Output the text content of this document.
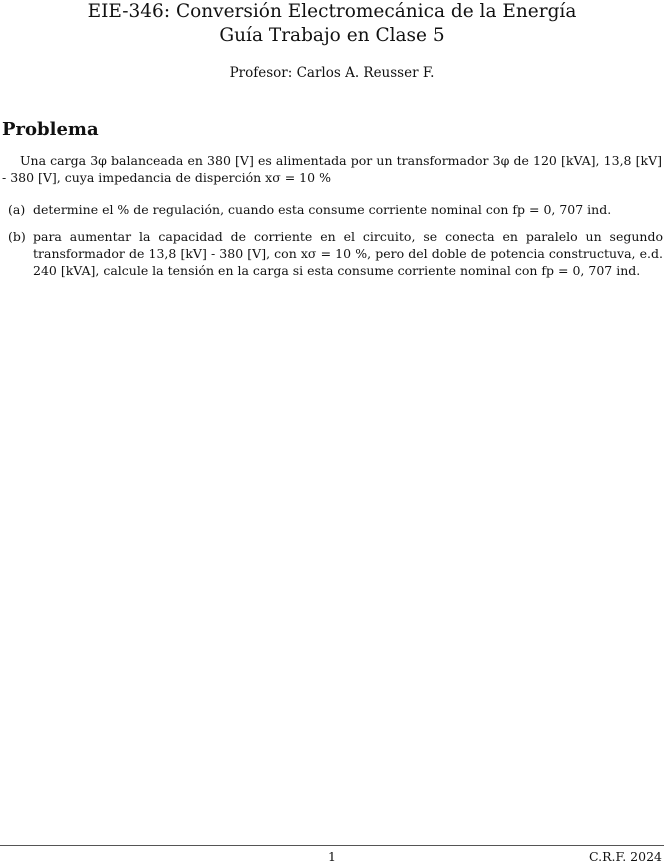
EIE-346: Conversión Electromecánica de la Energía
Guía Trabajo en Clase 5
Profesor: Carlos A. Reusser F.
Problema

Una carga 3φ balanceada en 380 [V] es alimentada por un transformador 3φ de 120 [kVA], 13,8 [kV] - 380 [V], cuya impedancia de disperción xσ = 10 %

(a) determine el % de regulación, cuando esta consume corriente nominal con fp = 0, 707 ind.
(b) para aumentar la capacidad de corriente en el circuito, se conecta en paralelo un segundo transformador de 13,8 [kV] - 380 [V], con xσ = 10 %, pero del doble de potencia constructuva, e.d. 240 [kVA], calcule la tensión en la carga si esta consume corriente nominal con fp = 0, 707 ind.
1	C.R.F. 2024
